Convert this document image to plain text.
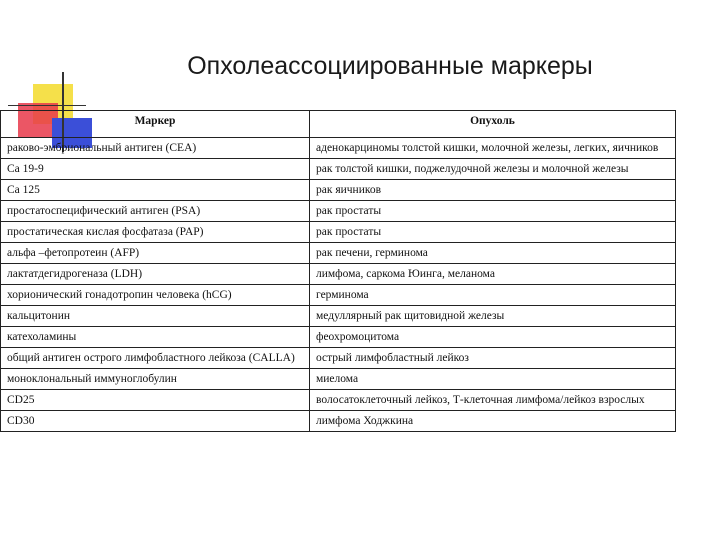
Опхолеассоциированные маркеры
Маркер	Опухоль
раково-эмбриональный антиген (CEA)	аденокарциномы толстой кишки, молочной железы, легких, яичников
Ca 19-9	рак толстой кишки, поджелудочной железы и молочной железы
Ca 125	рак яичников
простатоспецифический антиген (PSA)	рак простаты
простатическая кислая фосфатаза (PAP)	рак простаты
альфа –фетопротеин (AFP)	рак печени, герминома
лактатдегидрогеназа (LDH)	лимфома, саркома Юинга, меланома
хорионический гонадотропин человека (hCG)	герминома
кальцитонин	медуллярный рак щитовидной железы
катехоламины	феохромоцитома
общий антиген острого лимфобластного лейкоза (CALLA)	острый лимфобластный лейкоз
моноклональный иммуноглобулин	миелома
CD25	волосатоклеточный лейкоз, Т-клеточная лимфома/лейкоз взрослых
CD30	лимфома Ходжкина
